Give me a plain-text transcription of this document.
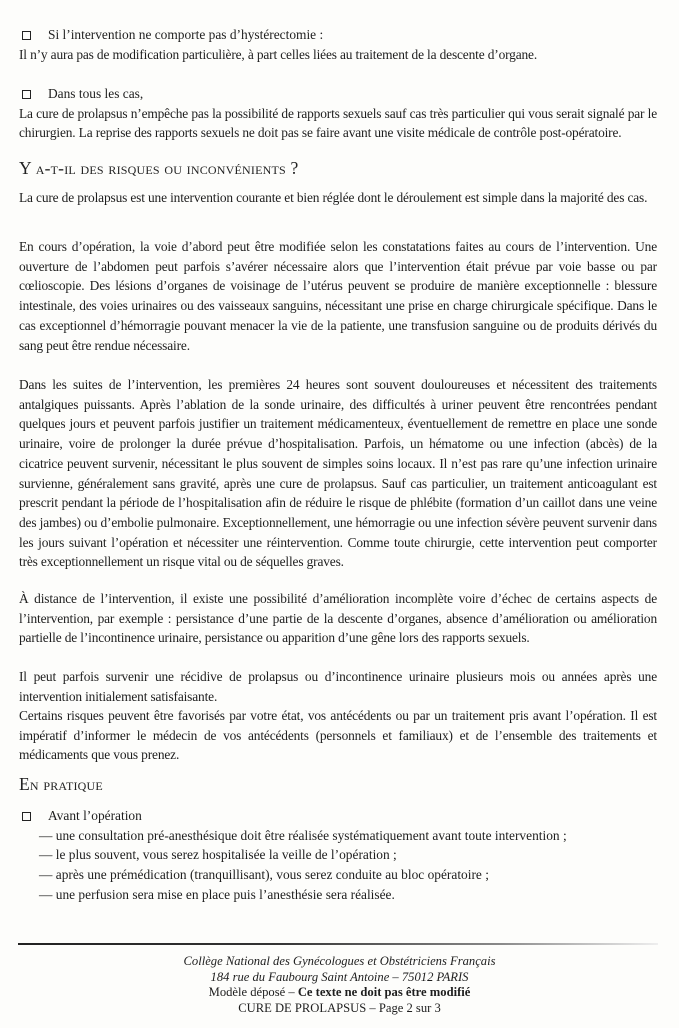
Si l’intervention ne comporte pas d’hystérectomie :

Il n’y aura pas de modification particulière, à part celles liées au traitement de la descente d’organe.

Dans tous les cas,

La cure de prolapsus n’empêche pas la possibilité de rapports sexuels sauf cas très particulier qui vous serait signalé par le chirurgien. La reprise des rapports sexuels ne doit pas se faire avant une visite médicale de contrôle post-opératoire.

Y a-t-il des risques ou inconvénients ?

La cure de prolapsus est une intervention courante et bien réglée dont le déroulement est simple dans la majorité des cas.

En cours d’opération, la voie d’abord peut être modifiée selon les constatations faites au cours de l’intervention. Une ouverture de l’abdomen peut parfois s’avérer nécessaire alors que l’intervention était prévue par voie basse ou par cœlioscopie. Des lésions d’organes de voisinage de l’utérus peuvent se produire de manière exceptionnelle : blessure intestinale, des voies urinaires ou des vaisseaux sanguins, nécessitant une prise en charge chirurgicale spécifique. Dans le cas exceptionnel d’hémorragie pouvant menacer la vie de la patiente, une transfusion sanguine ou de produits dérivés du sang peut être rendue nécessaire.

Dans les suites de l’intervention, les premières 24 heures sont souvent douloureuses et nécessitent des traitements antalgiques puissants. Après l’ablation de la sonde urinaire, des difficultés à uriner peuvent être rencontrées pendant quelques jours et peuvent parfois justifier un traitement médicamenteux, éventuellement de remettre en place une sonde urinaire, voire de prolonger la durée prévue d’hospitalisation. Parfois, un hématome ou une infection (abcès) de la cicatrice peuvent survenir, nécessitant le plus souvent de simples soins locaux. Il n’est pas rare qu’une infection urinaire survienne, généralement sans gravité, après une cure de prolapsus. Sauf cas particulier, un traitement anticoagulant est prescrit pendant la période de l’hospitalisation afin de réduire le risque de phlébite (formation d’un caillot dans une veine des jambes) ou d’embolie pulmonaire. Exceptionnellement, une hémorragie ou une infection sévère peuvent survenir dans les jours suivant l’opération et nécessiter une réintervention. Comme toute chirurgie, cette intervention peut comporter très exceptionnellement un risque vital ou de séquelles graves.

À distance de l’intervention, il existe une possibilité d’amélioration incomplète voire d’échec de certains aspects de l’intervention, par exemple : persistance d’une partie de la descente d’organes, absence d’amélioration ou amélioration partielle de l’incontinence urinaire, persistance ou apparition d’une gêne lors des rapports sexuels.

Il peut parfois survenir une récidive de prolapsus ou d’incontinence urinaire plusieurs mois ou années après une intervention initialement satisfaisante.

Certains risques peuvent être favorisés par votre état, vos antécédents ou par un traitement pris avant l’opération. Il est impératif d’informer le médecin de vos antécédents (personnels et familiaux) et de l’ensemble des traitements et médicaments que vous prenez.

En pratique

Avant l’opération

— une consultation pré-anesthésique doit être réalisée systématiquement avant toute intervention ;
— le plus souvent, vous serez hospitalisée la veille de l’opération ;
— après une prémédication (tranquillisant), vous serez conduite au bloc opératoire ;
— une perfusion sera mise en place puis l’anesthésie sera réalisée.
Collège National des Gynécologues et Obstétriciens Français
184 rue du Faubourg Saint Antoine – 75012 PARIS
Modèle déposé – Ce texte ne doit pas être modifié
CURE DE PROLAPSUS – Page 2 sur 3
